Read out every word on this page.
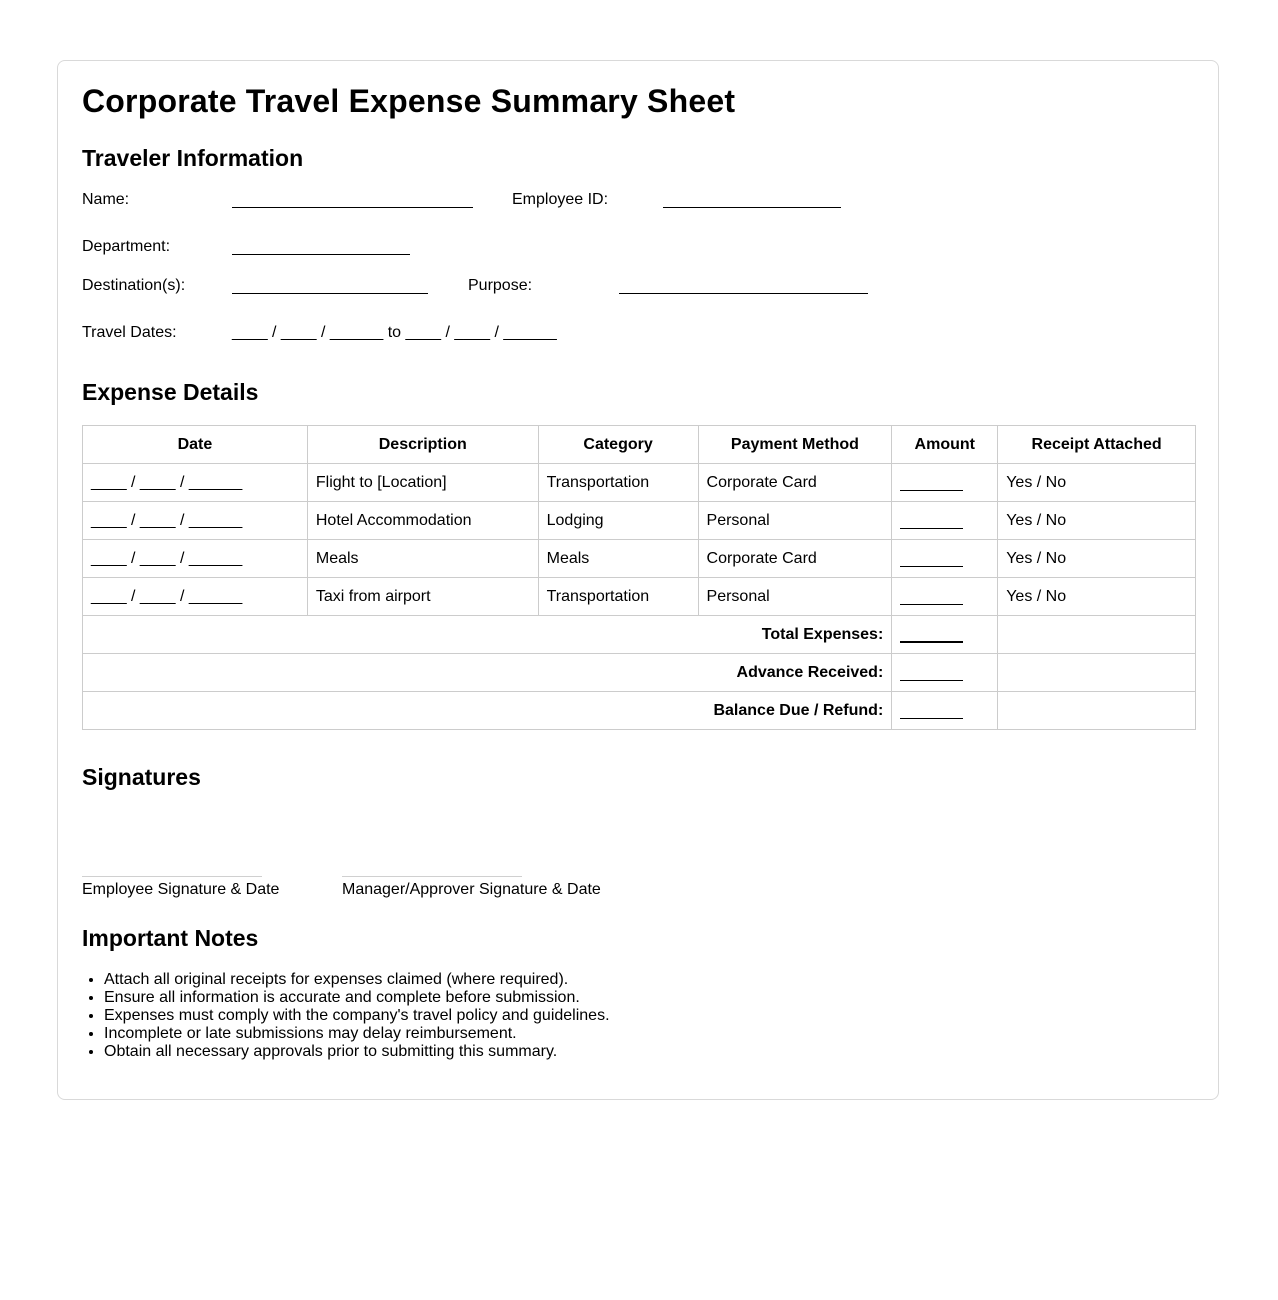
Corporate Travel Expense Summary Sheet
Traveler Information
Name:	Employee ID:
Department:
Destination(s):	Purpose:
Travel Dates:	____ / ____ / ______ to ____ / ____ / ______
Expense Details
Date	Description	Category	Payment Method	Amount	Receipt Attached
____ / ____ / ______	Flight to [Location]	Transportation	Corporate Card		Yes / No
____ / ____ / ______	Hotel Accommodation	Lodging	Personal		Yes / No
____ / ____ / ______	Meals	Meals	Corporate Card		Yes / No
____ / ____ / ______	Taxi from airport	Transportation	Personal		Yes / No
Total Expenses:					
Advance Received:					
Balance Due / Refund:					
Signatures
Employee Signature & Date	Manager/Approver Signature & Date
Important Notes
• Attach all original receipts for expenses claimed (where required).
• Ensure all information is accurate and complete before submission.
• Expenses must comply with the company's travel policy and guidelines.
• Incomplete or late submissions may delay reimbursement.
• Obtain all necessary approvals prior to submitting this summary.
